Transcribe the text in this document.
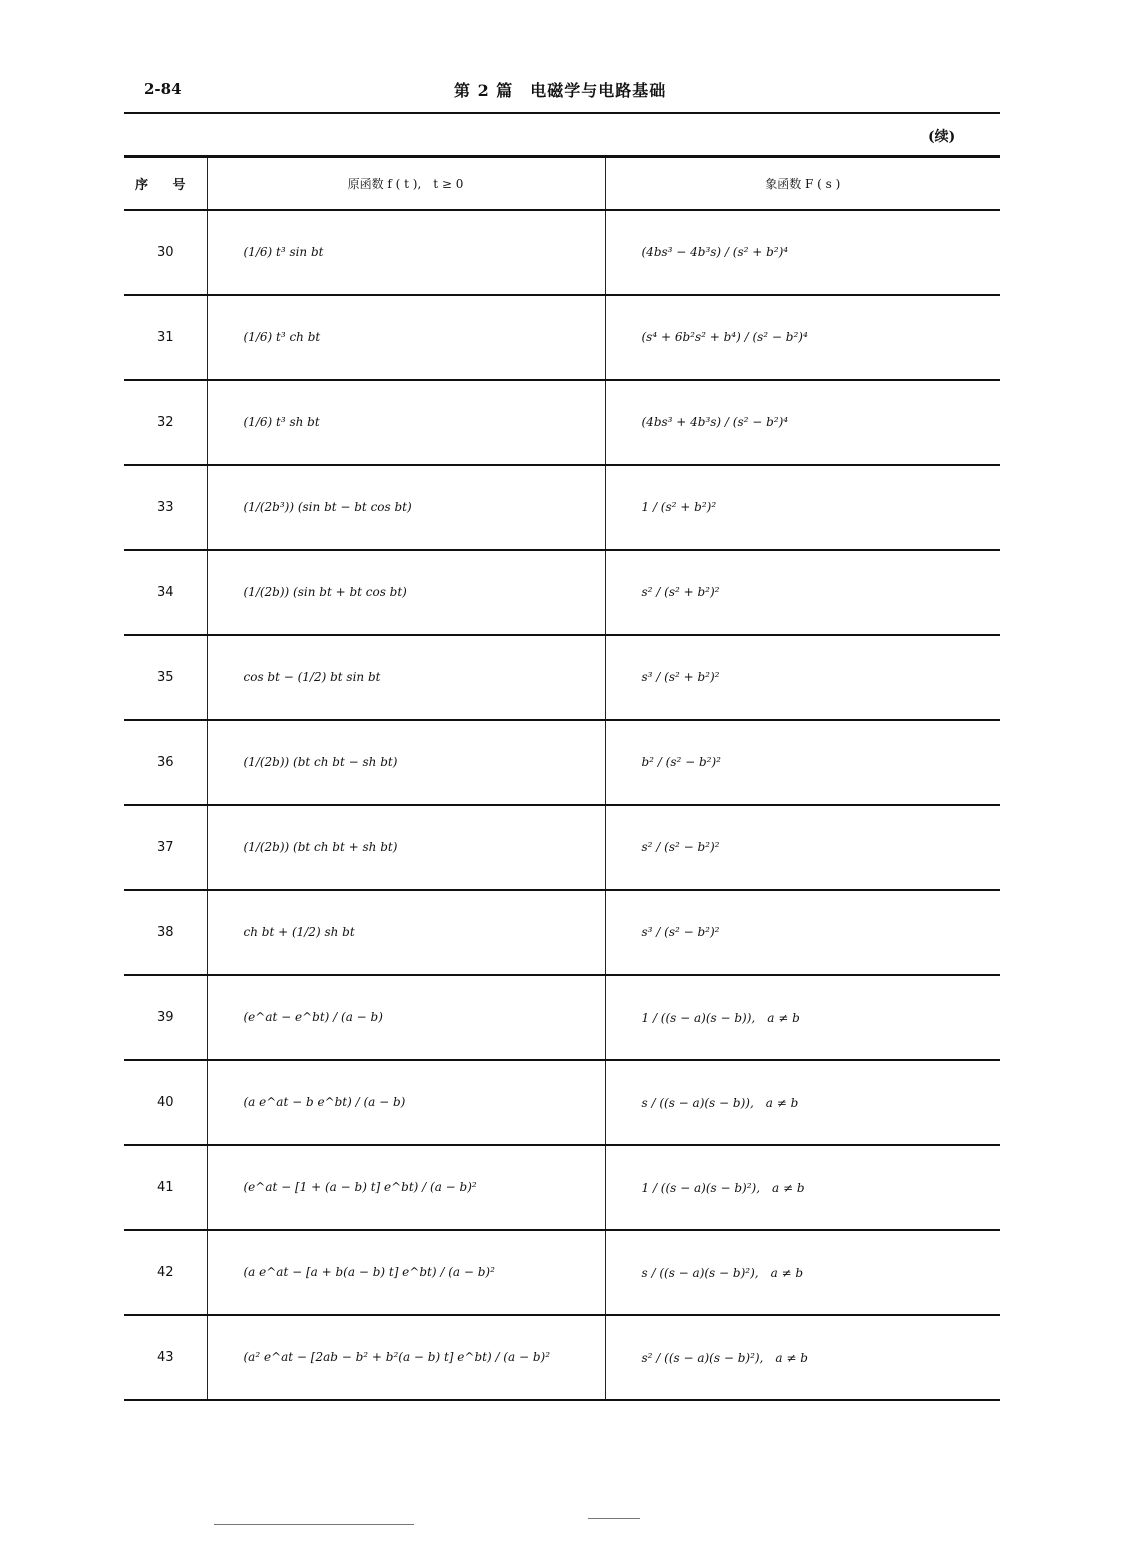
2-84	第 2 篇　电磁学与电路基础
(续)
序 号	原函数 f ( t ),　t ≥ 0	象函数 F ( s )
30	(1/6) t³ sin bt	(4bs³ − 4b³s) / (s² + b²)⁴
31	(1/6) t³ ch bt	(s⁴ + 6b²s² + b⁴) / (s² − b²)⁴
32	(1/6) t³ sh bt	(4bs³ + 4b³s) / (s² − b²)⁴
33	(1/(2b³)) (sin bt − bt cos bt)	1 / (s² + b²)²
34	(1/(2b)) (sin bt + bt cos bt)	s² / (s² + b²)²
35	cos bt − (1/2) bt sin bt	s³ / (s² + b²)²
36	(1/(2b)) (bt ch bt − sh bt)	b² / (s² − b²)²
37	(1/(2b)) (bt ch bt + sh bt)	s² / (s² − b²)²
38	ch bt + (1/2) sh bt	s³ / (s² − b²)²
39	(e^at − e^bt) / (a − b)	1 / ((s − a)(s − b)),　a ≠ b
40	(a e^at − b e^bt) / (a − b)	s / ((s − a)(s − b)),　a ≠ b
41	(e^at − [1 + (a − b) t] e^bt) / (a − b)²	1 / ((s − a)(s − b)²),　a ≠ b
42	(a e^at − [a + b(a − b) t] e^bt) / (a − b)²	s / ((s − a)(s − b)²),　a ≠ b
43	(a² e^at − [2ab − b² + b²(a − b) t] e^bt) / (a − b)²	s² / ((s − a)(s − b)²),　a ≠ b
